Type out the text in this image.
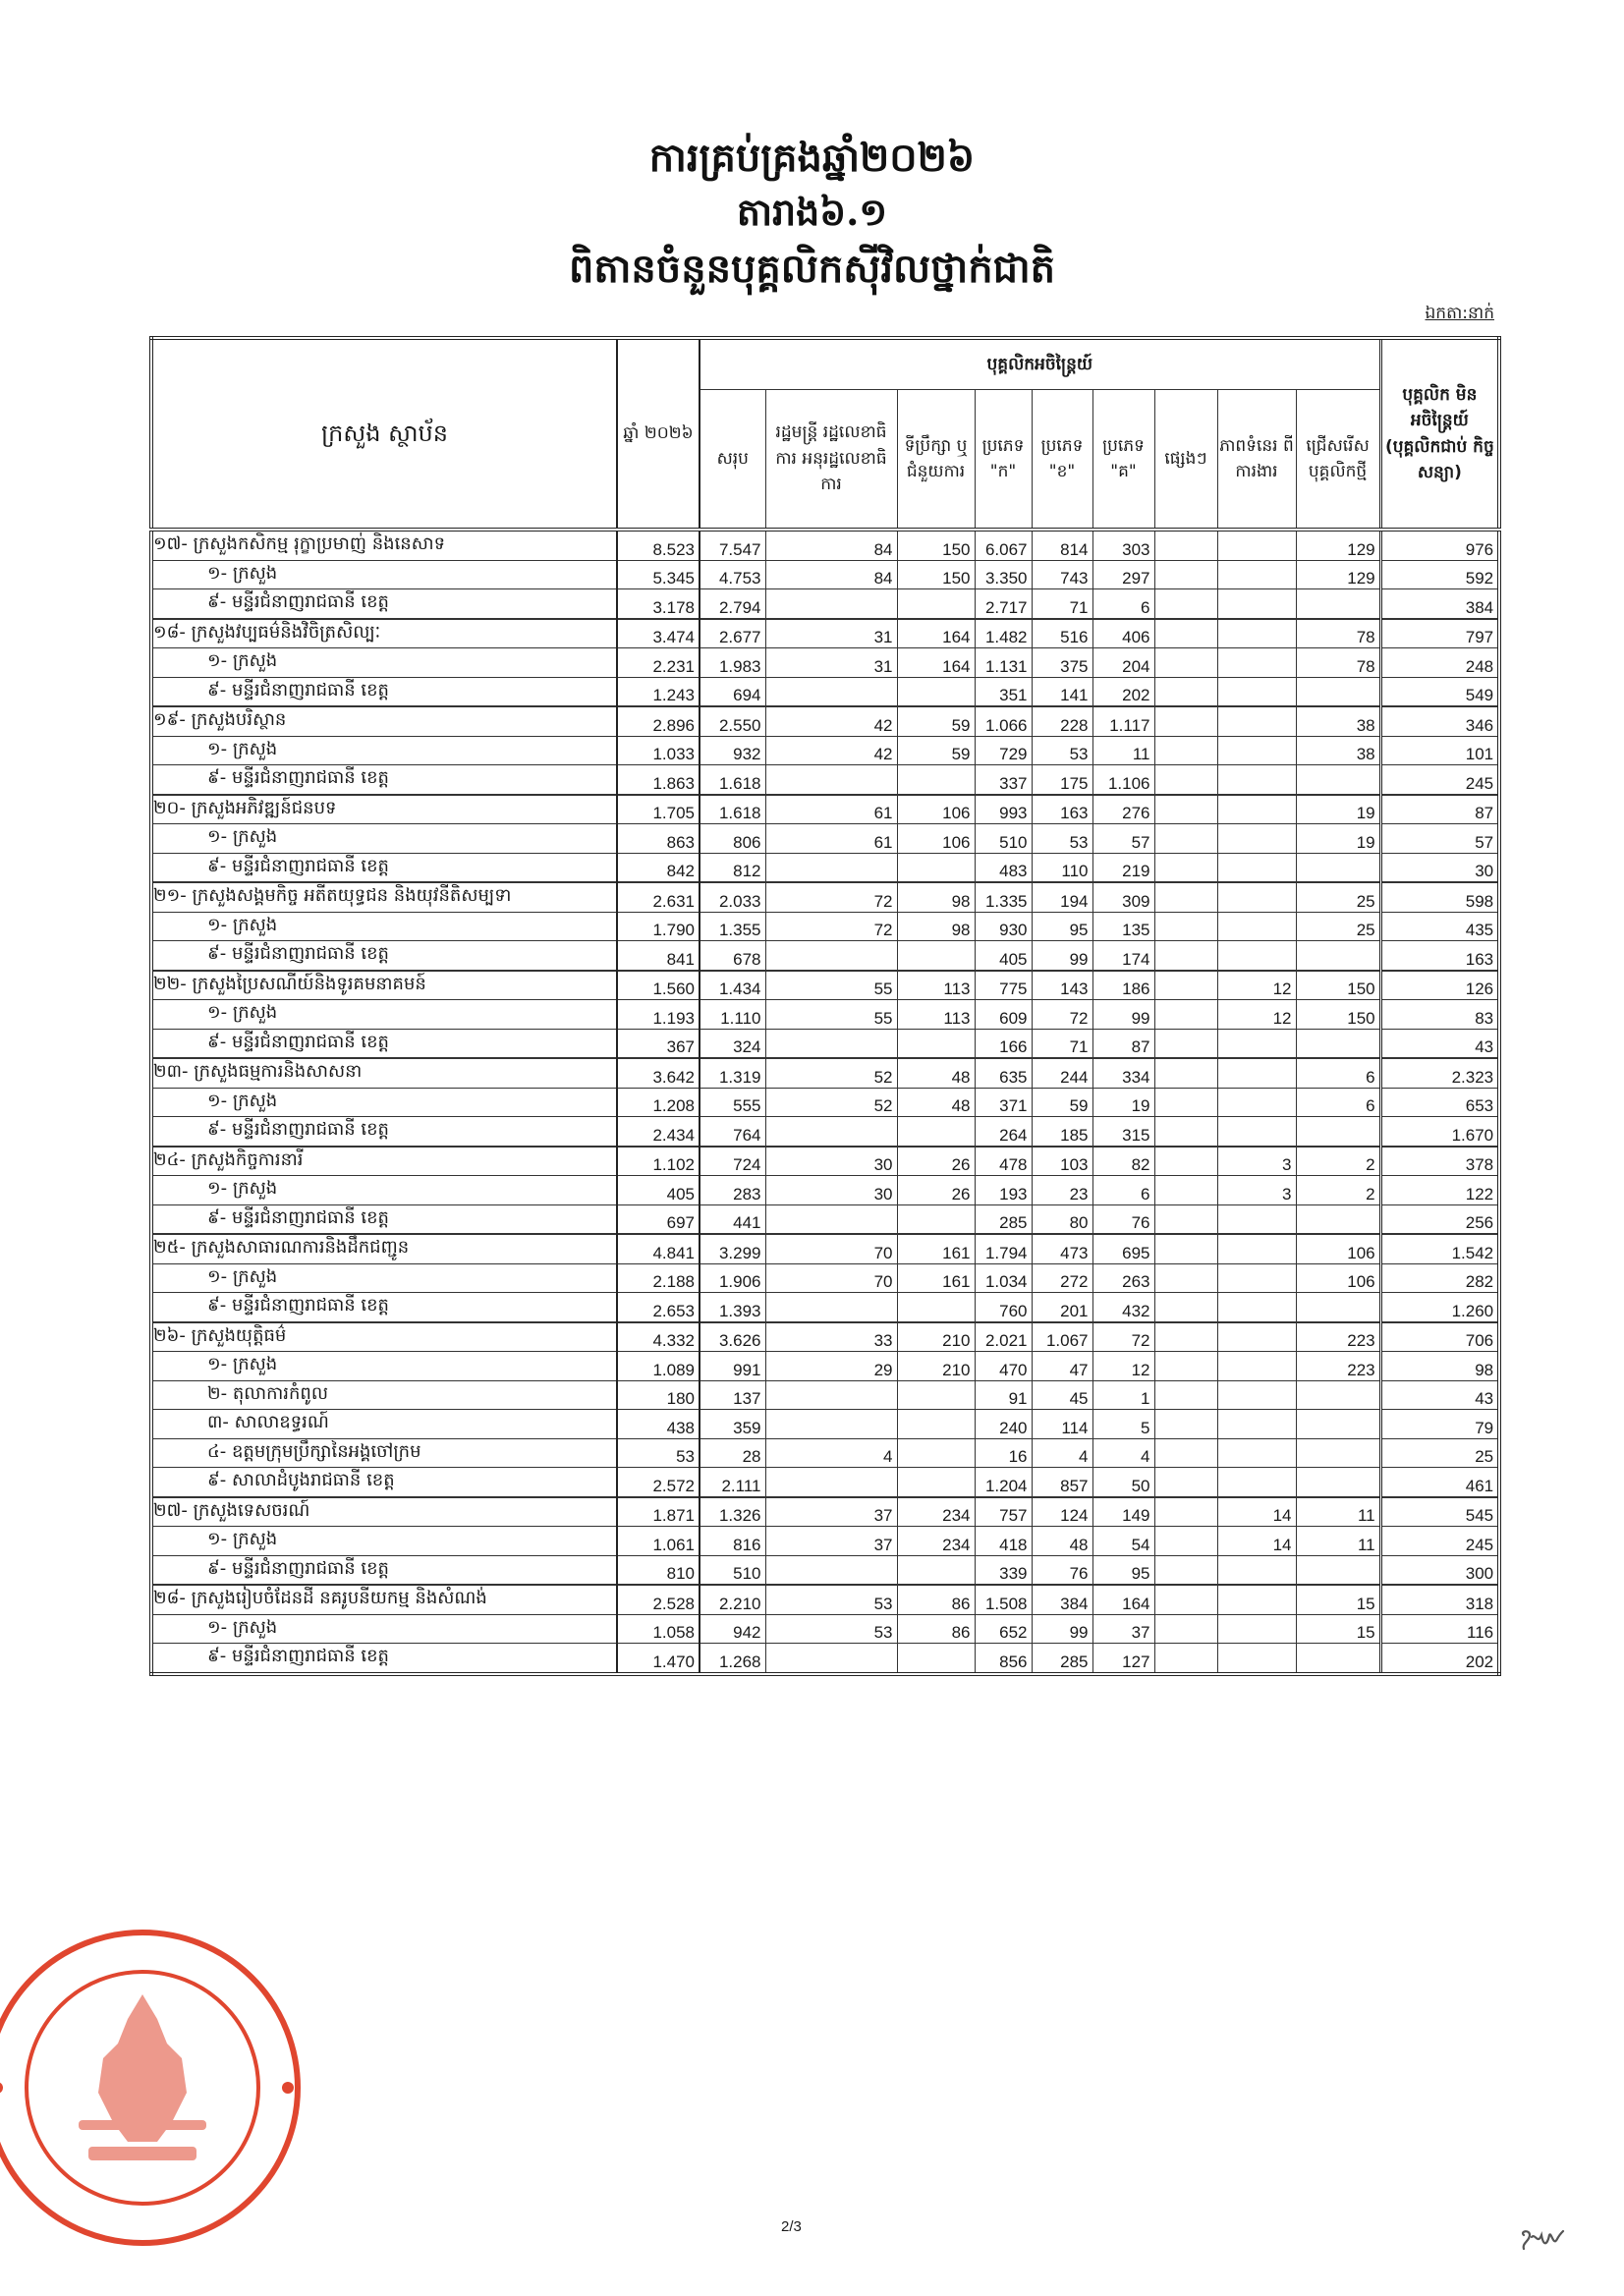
ការគ្រប់គ្រងឆ្នាំ២០២៦
តារាង៦.១
ពិតានចំនួនបុគ្គលិកស៊ីវិលថ្នាក់ជាតិ
ឯកតា:នាក់
ក្រសួង ស្ថាប័ន	ឆ្នាំ ២០២៦	បុគ្គលិកអចិន្ត្រៃយ៍									បុគ្គលិក មិនអចិន្ត្រៃយ៍ (បុគ្គលិកជាប់ កិច្ចសន្យា)
		សរុប	រដ្ឋមន្ត្រី រដ្ឋលេខាធិការ អនុរដ្ឋលេខាធិការ	ទីប្រឹក្សា ឬ ជំនួយការ	ប្រភេទ "ក"	ប្រភេទ "ខ"	ប្រភេទ "គ"	ផ្សេងៗ	ភាពទំនេរ ពីការងារ	ជ្រើសរើស បុគ្គលិកថ្មី	
១៧- ក្រសួងកសិកម្ម រុក្ខាប្រមាញ់ និងនេសាទ	8.523	7.547	84	150	6.067	814	303			129	976
១- ក្រសួង	5.345	4.753	84	150	3.350	743	297			129	592
៩- មន្ទីរជំនាញរាជធានី ខេត្ត	3.178	2.794			2.717	71	6				384
១៨- ក្រសួងវប្បធម៌និងវិចិត្រសិល្បៈ	3.474	2.677	31	164	1.482	516	406			78	797
១- ក្រសួង	2.231	1.983	31	164	1.131	375	204			78	248
៩- មន្ទីរជំនាញរាជធានី ខេត្ត	1.243	694			351	141	202				549
១៩- ក្រសួងបរិស្ថាន	2.896	2.550	42	59	1.066	228	1.117			38	346
១- ក្រសួង	1.033	932	42	59	729	53	11			38	101
៩- មន្ទីរជំនាញរាជធានី ខេត្ត	1.863	1.618			337	175	1.106				245
២០- ក្រសួងអភិវឌ្ឍន៍ជនបទ	1.705	1.618	61	106	993	163	276			19	87
១- ក្រសួង	863	806	61	106	510	53	57			19	57
៩- មន្ទីរជំនាញរាជធានី ខេត្ត	842	812			483	110	219				30
២១- ក្រសួងសង្គមកិច្ច អតីតយុទ្ធជន និងយុវនីតិសម្បទា	2.631	2.033	72	98	1.335	194	309			25	598
១- ក្រសួង	1.790	1.355	72	98	930	95	135			25	435
៩- មន្ទីរជំនាញរាជធានី ខេត្ត	841	678			405	99	174				163
២២- ក្រសួងប្រៃសណីយ៍និងទូរគមនាគមន៍	1.560	1.434	55	113	775	143	186		12	150	126
១- ក្រសួង	1.193	1.110	55	113	609	72	99		12	150	83
៩- មន្ទីរជំនាញរាជធានី ខេត្ត	367	324			166	71	87				43
២៣- ក្រសួងធម្មការនិងសាសនា	3.642	1.319	52	48	635	244	334			6	2.323
១- ក្រសួង	1.208	555	52	48	371	59	19			6	653
៩- មន្ទីរជំនាញរាជធានី ខេត្ត	2.434	764			264	185	315				1.670
២៤- ក្រសួងកិច្ចការនារី	1.102	724	30	26	478	103	82		3	2	378
១- ក្រសួង	405	283	30	26	193	23	6		3	2	122
៩- មន្ទីរជំនាញរាជធានី ខេត្ត	697	441			285	80	76				256
២៥- ក្រសួងសាធារណការនិងដឹកជញ្ជូន	4.841	3.299	70	161	1.794	473	695			106	1.542
១- ក្រសួង	2.188	1.906	70	161	1.034	272	263			106	282
៩- មន្ទីរជំនាញរាជធានី ខេត្ត	2.653	1.393			760	201	432				1.260
២៦- ក្រសួងយុត្តិធម៌	4.332	3.626	33	210	2.021	1.067	72			223	706
១- ក្រសួង	1.089	991	29	210	470	47	12			223	98
២- តុលាការកំពូល	180	137			91	45	1				43
៣- សាលាឧទ្ធរណ៍	438	359			240	114	5				79
៤- ឧត្តមក្រុមប្រឹក្សានៃអង្គចៅក្រម	53	28	4		16	4	4				25
៩- សាលាដំបូងរាជធានី ខេត្ត	2.572	2.111			1.204	857	50				461
២៧- ក្រសួងទេសចរណ៍	1.871	1.326	37	234	757	124	149		14	11	545
១- ក្រសួង	1.061	816	37	234	418	48	54		14	11	245
៩- មន្ទីរជំនាញរាជធានី ខេត្ត	810	510			339	76	95				300
២៨- ក្រសួងរៀបចំដែនដី នគរូបនីយកម្ម និងសំណង់	2.528	2.210	53	86	1.508	384	164			15	318
១- ក្រសួង	1.058	942	53	86	652	99	37			15	116
៩- មន្ទីរជំនាញរាជធានី ខេត្ត	1.470	1.268			856	285	127				202
2/3
